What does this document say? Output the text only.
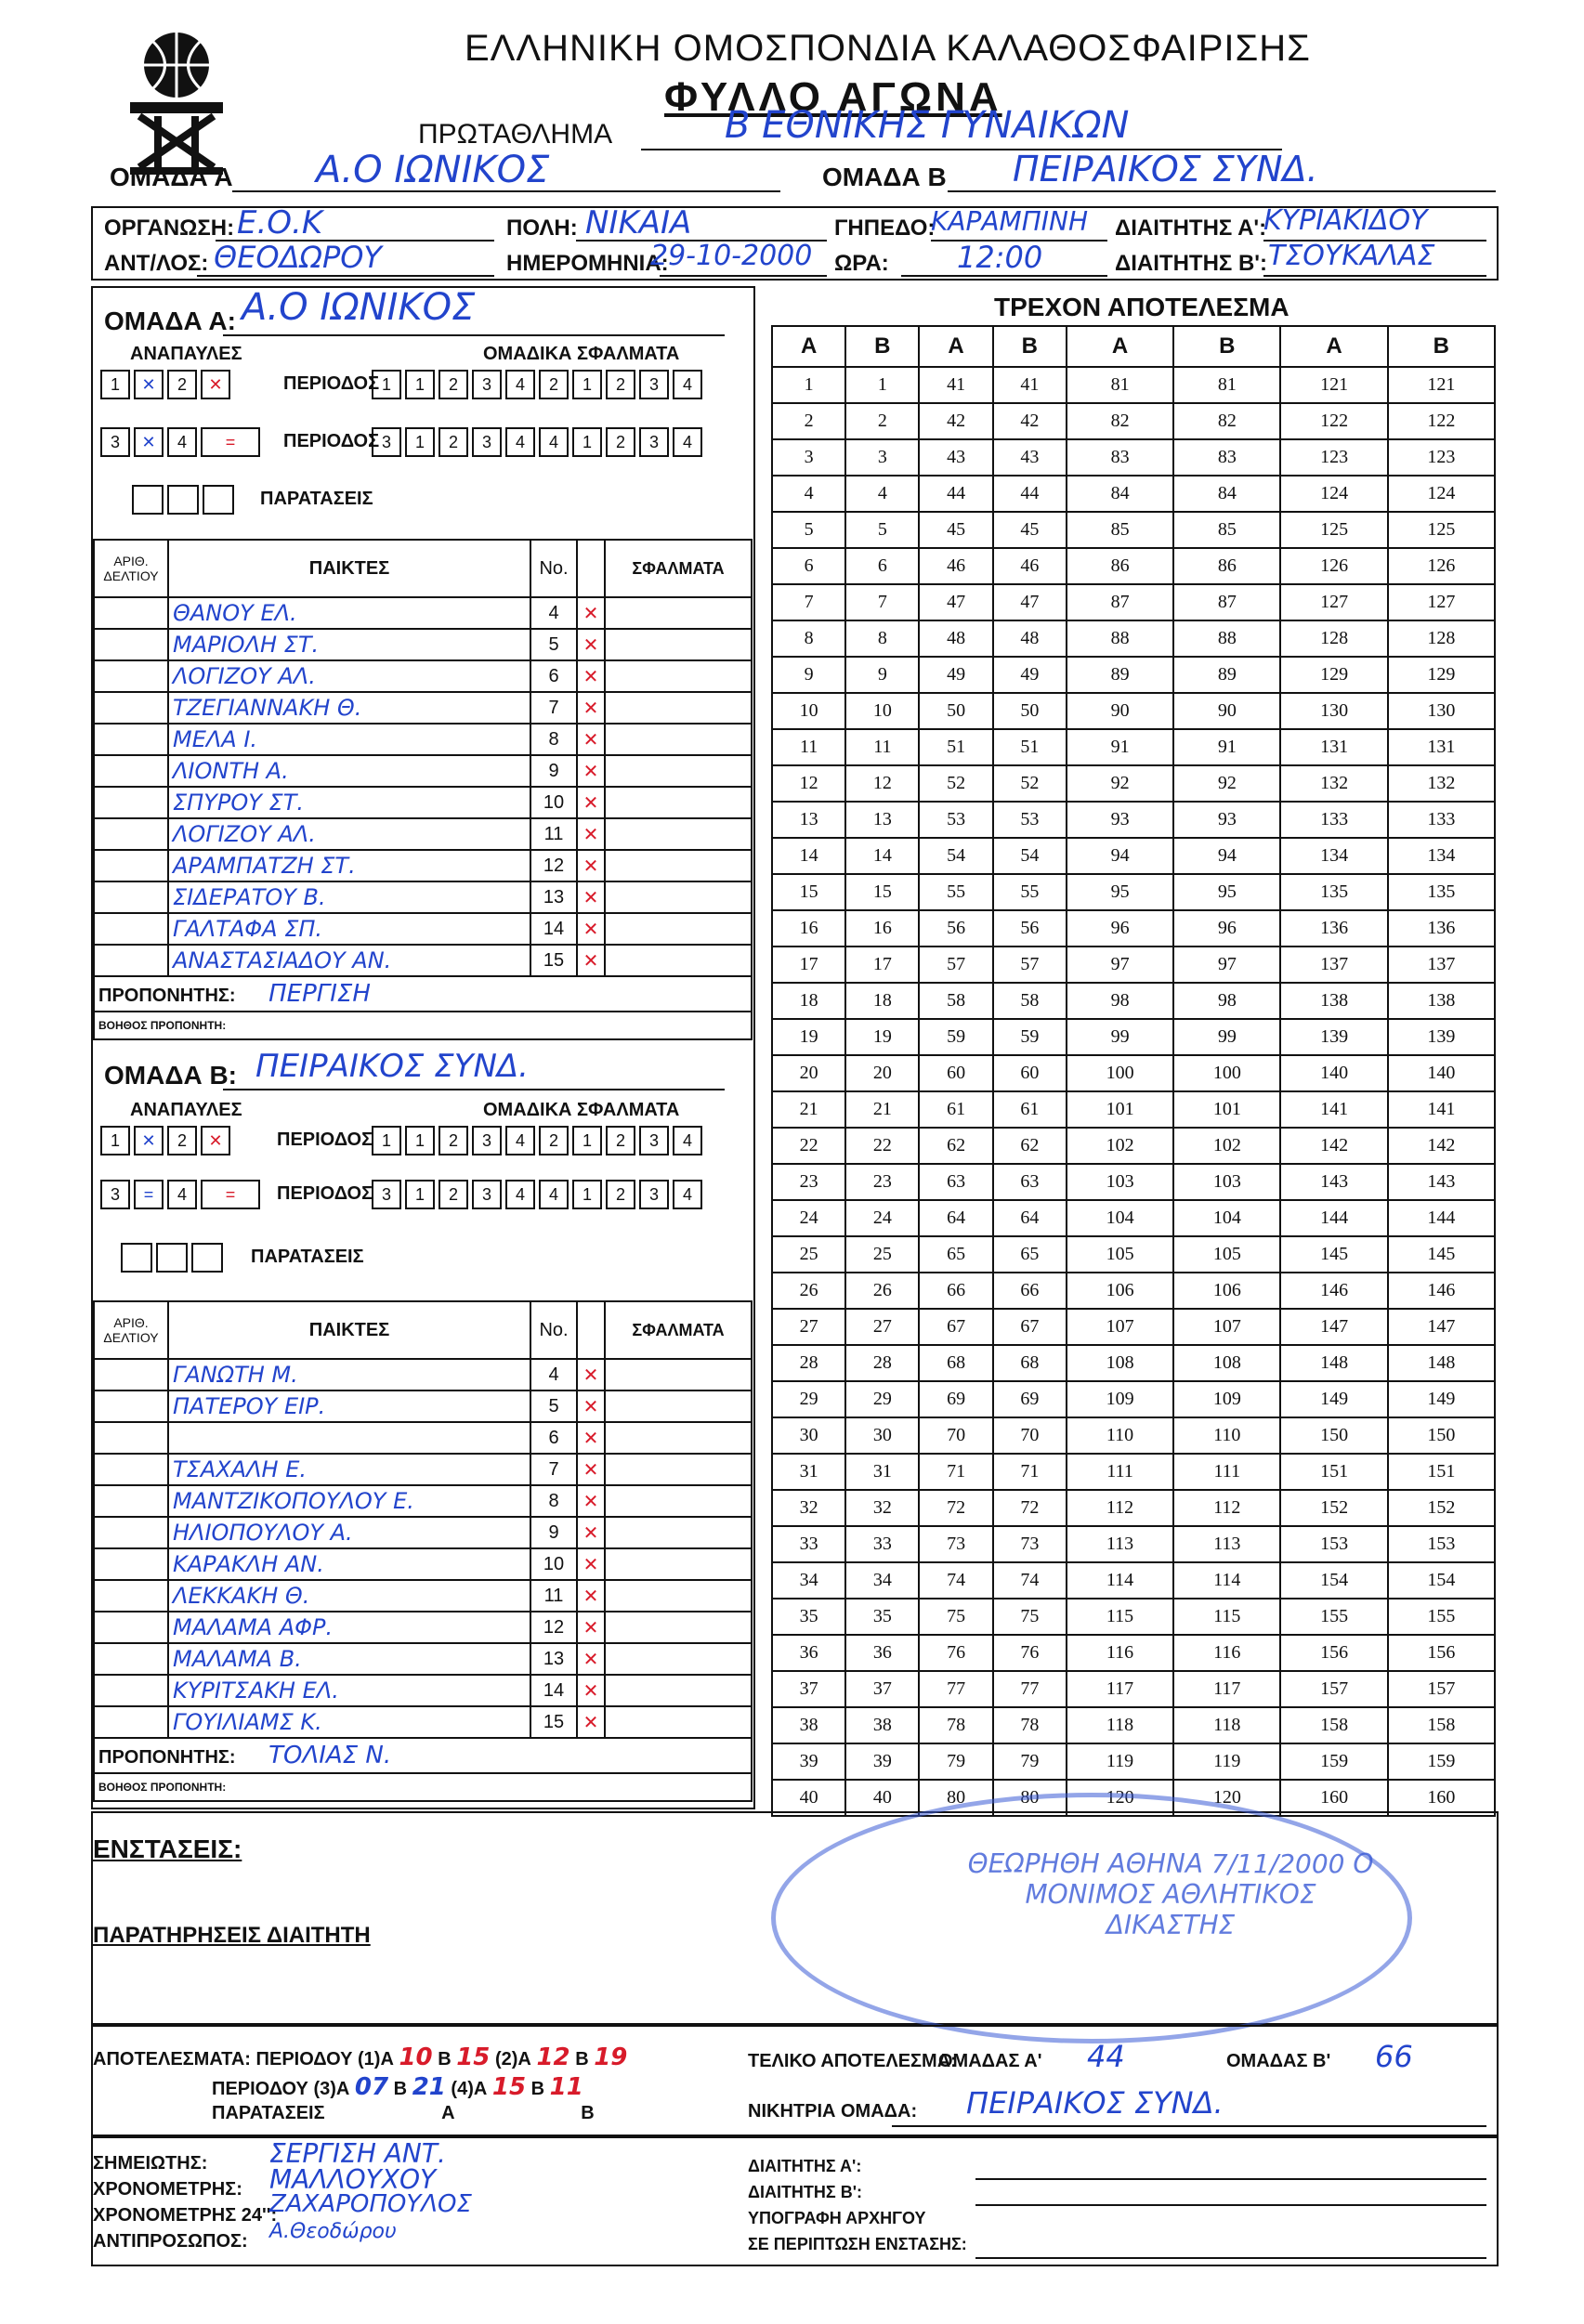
ΕΛΛΗΝΙΚΗ ΟΜΟΣΠΟΝΔΙΑ ΚΑΛΑΘΟΣΦΑΙΡΙΣΗΣ
ΦΥΛΛΟ ΑΓΩΝΑ
ΠΡΩΤΑΘΛΗΜΑ	Β ΕΘΝΙΚΗΣ ΓΥΝΑΙΚΩΝ
ΟΜΑΔΑ Α Α.Ο ΙΩΝΙΚΟΣ	ΟΜΑΔΑ Β ΠΕΙΡΑΙΚΟΣ ΣΥΝΔ.
ΟΡΓΑΝΩΣΗ: Ε.Ο.Κ	ΠΟΛΗ: ΝΙΚΑΙΑ	ΓΗΠΕΔΟ:
ΚΑΡΑΜΠΙΝΗ ΔΙΑΙΤΗΤΗΣ Α':
ΚΥΡΙΑΚΙΔΟΥ
ΑΝΤ/ΛΟΣ: ΘΕΟΔΩΡΟΥ	ΗΜΕΡΟΜΗΝΙΑ:
29-10-2000 ΩΡΑ: 12:00	ΔΙΑΙΤΗΤΗΣ Β': ΤΣΟΥΚΑΛΑΣ
ΟΜΑΔΑ Α: Α.Ο ΙΩΝΙΚΟΣ
ΑΝΑΠΑΥΛΕΣ	ΟΜΑΔΙΚΑ ΣΦΑΛΜΑΤΑ
1 ✕ 2 ✕	ΠΕΡΙΟΔΟΣ 1 1 2 3 4 2 1 2 3 4
3 ✕ 4 =	ΠΕΡΙΟΔΟΣ 3 1 2 3 4 4 1 2 3 4
ΠΑΡΑΤΑΣΕΙΣ
ΑΡΙΘ. ΔΕΛΤΙΟΥ	ΠΑΙΚΤΕΣ	No.		ΣΦΑΛΜΑΤΑ
	ΘΑΝΟΥ ΕΛ.	4	✕	
	ΜΑΡΙΟΛΗ ΣΤ.	5	✕	
	ΛΟΓΙΖΟΥ ΑΛ.	6	✕	
	ΤΖΕΓΙΑΝΝΑΚΗ Θ.	7	✕	
	ΜΕΛΑ Ι.	8	✕	
	ΛΙΟΝΤΗ Α.	9	✕	
	ΣΠΥΡΟΥ ΣΤ.	10	✕	
	ΛΟΓΙΖΟΥ ΑΛ.	11	✕	
	ΑΡΑΜΠΑΤΖΗ ΣΤ.	12	✕	
	ΣΙΔΕΡΑΤΟΥ Β.	13	✕	
	ΓΑΛΤΑΦΑ ΣΠ.	14	✕	
	ΑΝΑΣΤΑΣΙΑΔΟΥ ΑΝ.	15	✕	
ΠΡΟΠΟΝΗΤΗΣ: ΠΕΡΓΙΣΗ				
ΒΟΗΘΟΣ ΠΡΟΠΟΝΗΤΗ:				
ΟΜΑΔΑ Β: ΠΕΙΡΑΙΚΟΣ ΣΥΝΔ.
ΑΝΑΠΑΥΛΕΣ	ΟΜΑΔΙΚΑ ΣΦΑΛΜΑΤΑ
1 ✕ 2 ✕	ΠΕΡΙΟΔΟΣ 1 1 2 3 4 2 1 2 3 4
3 = 4 =	ΠΕΡΙΟΔΟΣ 3 1 2 3 4 4 1 2 3 4
ΠΑΡΑΤΑΣΕΙΣ
ΑΡΙΘ. ΔΕΛΤΙΟΥ	ΠΑΙΚΤΕΣ	No.		ΣΦΑΛΜΑΤΑ
	ΓΑΝΩΤΗ Μ.	4	✕	
	ΠΑΤΕΡΟΥ ΕΙΡ.	5	✕	
		6	✕	
	ΤΣΑΧΑΛΗ Ε.	7	✕	
	ΜΑΝΤΖΙΚΟΠΟΥΛΟΥ Ε.	8	✕	
	ΗΛΙΟΠΟΥΛΟΥ Α.	9	✕	
	ΚΑΡΑΚΛΗ ΑΝ.	10	✕	
	ΛΕΚΚΑΚΗ Θ.	11	✕	
	ΜΑΛΑΜΑ ΑΦΡ.	12	✕	
	ΜΑΛΑΜΑ Β.	13	✕	
	ΚΥΡΙΤΣΑΚΗ ΕΛ.	14	✕	
	ΓΟΥΙΛΙΑΜΣ Κ.	15	✕	
ΠΡΟΠΟΝΗΤΗΣ: ΤΟΛΙΑΣ Ν.				
ΒΟΗΘΟΣ ΠΡΟΠΟΝΗΤΗ:				
ΤΡΕΧΟΝ ΑΠΟΤΕΛΕΣΜΑ
Α	Β	Α	Β	Α	Β	Α	Β
1	1	41	41	81	81	121	121
2	2	42	42	82	82	122	122
3	3	43	43	83	83	123	123
4	4	44	44	84	84	124	124
5	5	45	45	85	85	125	125
6	6	46	46	86	86	126	126
7	7	47	47	87	87	127	127
8	8	48	48	88	88	128	128
9	9	49	49	89	89	129	129
10	10	50	50	90	90	130	130
11	11	51	51	91	91	131	131
12	12	52	52	92	92	132	132
13	13	53	53	93	93	133	133
14	14	54	54	94	94	134	134
15	15	55	55	95	95	135	135
16	16	56	56	96	96	136	136
17	17	57	57	97	97	137	137
18	18	58	58	98	98	138	138
19	19	59	59	99	99	139	139
20	20	60	60	100	100	140	140
21	21	61	61	101	101	141	141
22	22	62	62	102	102	142	142
23	23	63	63	103	103	143	143
24	24	64	64	104	104	144	144
25	25	65	65	105	105	145	145
26	26	66	66	106	106	146	146
27	27	67	67	107	107	147	147
28	28	68	68	108	108	148	148
29	29	69	69	109	109	149	149
30	30	70	70	110	110	150	150
31	31	71	71	111	111	151	151
32	32	72	72	112	112	152	152
33	33	73	73	113	113	153	153
34	34	74	74	114	114	154	154
35	35	75	75	115	115	155	155
36	36	76	76	116	116	156	156
37	37	77	77	117	117	157	157
38	38	78	78	118	118	158	158
39	39	79	79	119	119	159	159
40	40	80	80	120	120	160	160
ΕΝΣΤΑΣΕΙΣ:
ΠΑΡΑΤΗΡΗΣΕΙΣ ΔΙΑΙΤΗΤΗ
ΘΕΩΡΗΘΗ ΑΘΗΝΑ 7/11/2000 Ο ΜΟΝΙΜΟΣ ΑΘΛΗΤΙΚΟΣ ΔΙΚΑΣΤΗΣ
ΑΠΟΤΕΛΕΣΜΑΤΑ: ΠΕΡΙΟΔΟΥ (1)Α 10 Β 15 (2)Α 12 Β 19
ΠΕΡΙΟΔΟΥ (3)Α 07 Β 21 (4)Α 15 Β 11
ΠΑΡΑΤΑΣΕΙΣ	Α	Β
ΤΕΛΙΚΟ ΑΠΟΤΕΛΕΣΜΑ:
ΟΜΑΔΑΣ Α' 44	ΟΜΑΔΑΣ Β' 66
ΝΙΚΗΤΡΙΑ ΟΜΑΔΑ: ΠΕΙΡΑΙΚΟΣ ΣΥΝΔ.
ΣΗΜΕΙΩΤΗΣ: ΣΕΡΓΙΣΗ ΑΝΤ.
ΧΡΟΝΟΜΕΤΡΗΣ: ΜΑΛΛΟΥΧΟΥ
ΧΡΟΝΟΜΕΤΡΗΣ 24'':
ΖΑΧΑΡΟΠΟΥΛΟΣ
ΑΝΤΙΠΡΟΣΩΠΟΣ: Α.Θεοδώρου
ΔΙΑΙΤΗΤΗΣ Α':
ΔΙΑΙΤΗΤΗΣ Β':
ΥΠΟΓΡΑΦΗ ΑΡΧΗΓΟΥ
ΣΕ ΠΕΡΙΠΤΩΣΗ ΕΝΣΤΑΣΗΣ:
